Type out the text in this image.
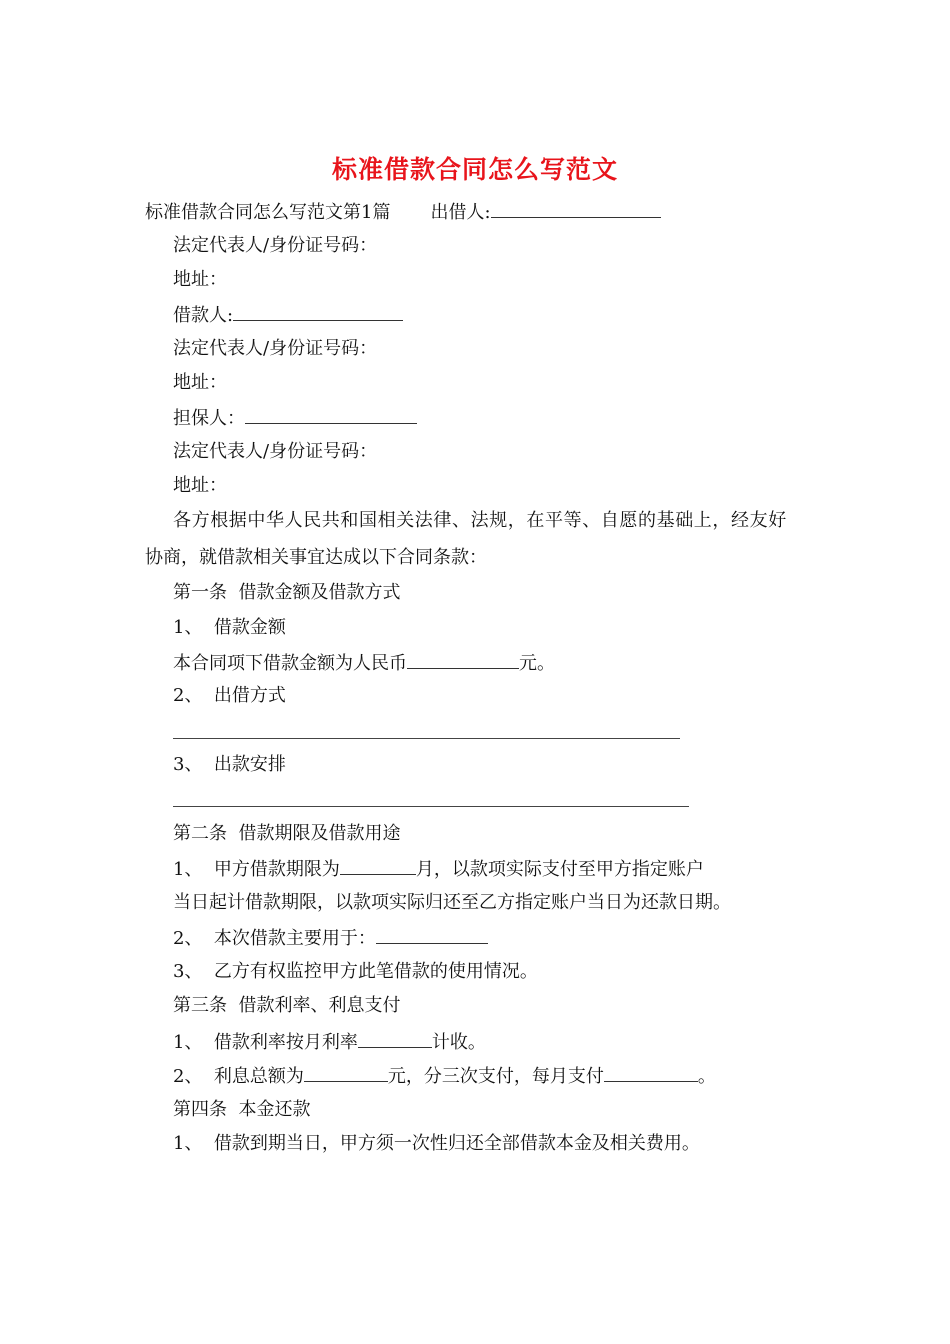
标准借款合同怎么写范文
标准借款合同怎么写范文第1篇 出借人:
法定代表人/身份证号码：
地址：
借款人:
法定代表人/身份证号码：
地址：
担保人：
法定代表人/身份证号码：
地址：
各方根据中华人民共和国相关法律、法规，在平等、自愿的基础上，经友好
协商，就借款相关事宜达成以下合同条款：
第一条  借款金额及借款方式
1、  借款金额
本合同项下借款金额为人民币	元。
2、  出借方式
3、  出款安排
第二条  借款期限及借款用途
1、  甲方借款期限为	月，以款项实际支付至甲方指定账户
当日起计借款期限，以款项实际归还至乙方指定账户当日为还款日期。
2、  本次借款主要用于：
3、  乙方有权监控甲方此笔借款的使用情况。
第三条  借款利率、利息支付
1、  借款利率按月利率	计收。
2、  利息总额为	元，分三次支付，每月支付	。
第四条  本金还款
1、  借款到期当日，甲方须一次性归还全部借款本金及相关费用。
